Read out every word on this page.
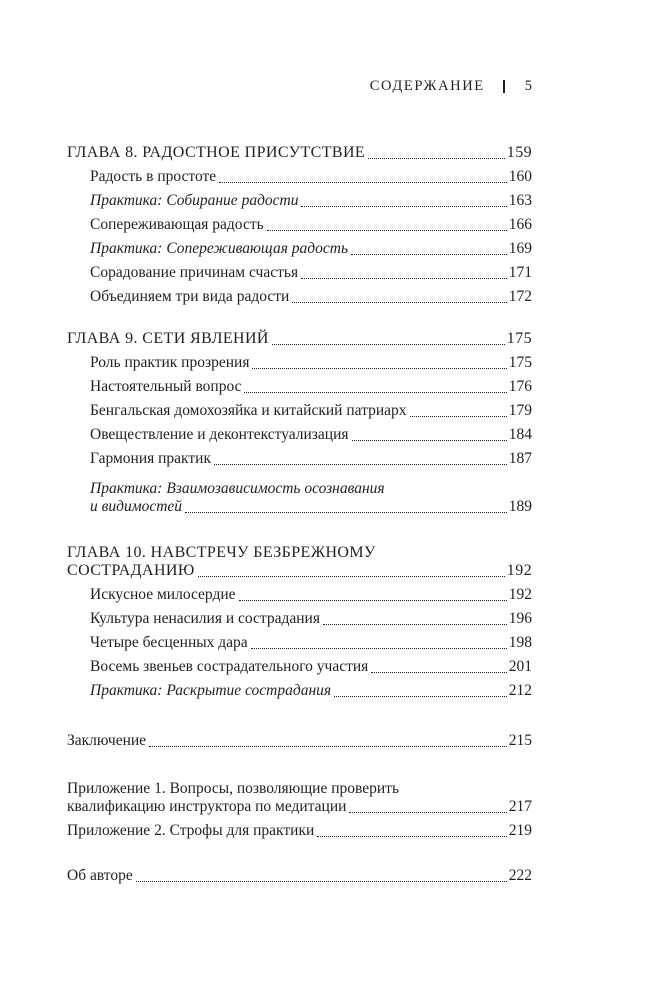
СОДЕРЖАНИЕ	5
ГЛАВА 8. РАДОСТНОЕ ПРИСУТСТВИЕ	159
Радость в простоте	160
Практика: Собирание радости	163
Сопереживающая радость	166
Практика: Сопереживающая радость	169
Сорадование причинам счастья	171
Объединяем три вида радости	172
ГЛАВА 9. СЕТИ ЯВЛЕНИЙ	175
Роль практик прозрения	175
Настоятельный вопрос	176
Бенгальская домохозяйка и китайский патриарх	179
Овеществление и деконтекстуализация	184
Гармония практик	187
Практика: Взаимозависимость осознавания
и видимостей	189
ГЛАВА 10. НАВСТРЕЧУ БЕЗБРЕЖНОМУ
СОСТРАДАНИЮ	192
Искусное милосердие	192
Культура ненасилия и сострадания	196
Четыре бесценных дара	198
Восемь звеньев сострадательного участия	201
Практика: Раскрытие сострадания	212
Заключение	215
Приложение 1. Вопросы, позволяющие проверить
квалификацию инструктора по медитации	217
Приложение 2. Строфы для практики	219
Об авторе	222
